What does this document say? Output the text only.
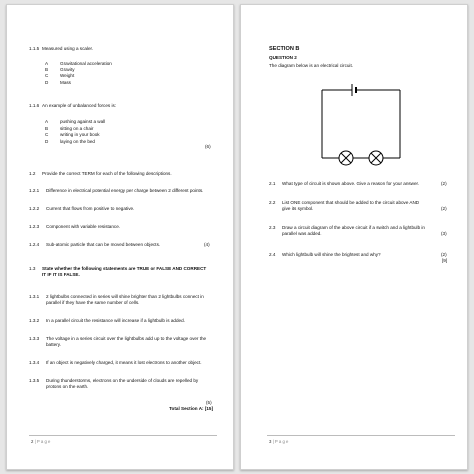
1.1.5 Measured using a scaler.
A	Gravitational acceleration
B	Gravity
C	Weight
D	Mass
1.1.6 An example of unbalanced forces is:
A	pushing against a wall
B	sitting on a chair
C	writing in your book
D	laying on the bed
(6)
1.2 Provide the correct TERM for each of the following descriptions.
1.2.1 Difference in electrical potential energy per charge between 2 different points.
1.2.2 Current that flows from positive to negative.
1.2.3 Component with variable resistance.
1.2.4 Sub-atomic particle that can be moved between objects.	(4)
1.3 State whether the following statements are TRUE or FALSE AND CORRECT
IT IF IT IS FALSE.
1.3.1 2 lightbulbs connected in series will shine brighter than 2 lightbulbs connect in
parallel if they have the same number of cells.
1.3.2 In a parallel circuit the resistance will increase if a lightbulb is added.
1.3.3 The voltage in a series circuit over the lightbulbs add up to the voltage over the
battery.
1.3.4 If an object is negatively charged, it means it lost electrons to another object.
1.3.5 During thunderstorms, electrons on the underside of clouds are repelled by
protons on the earth.
(5)
Total Section A: [15]
2 | P a g e
SECTION B
QUESTION 2
The diagram below is an electrical circuit.
2.1 What type of circuit is shown above. Give a reason for your answer.	(2)
2.2 List ONE component that should be added to the circuit above AND
give its symbol.	(2)
2.3 Draw a circuit diagram of the above circuit if a switch and a lightbulb in
parallel was added.	(3)
2.4 Which lightbulb will shine the brightest and why?	(2)
[9]
3 | P a g e
